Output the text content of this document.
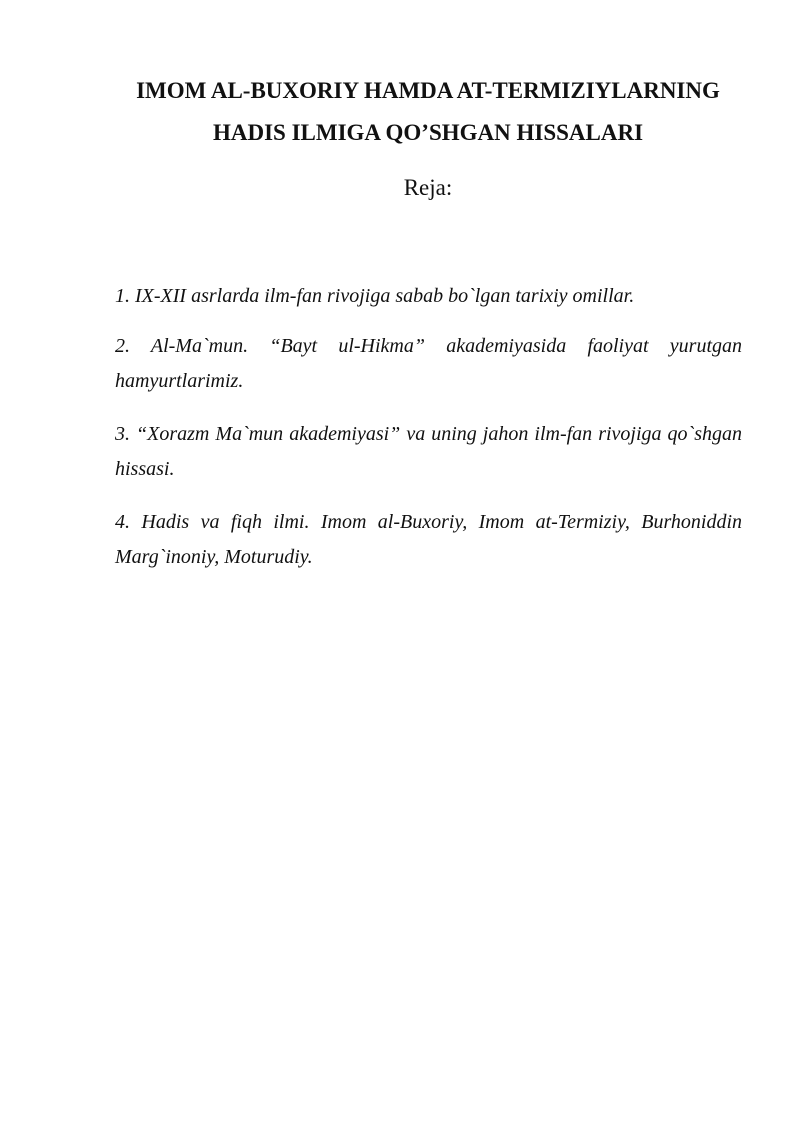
IMOM AL-BUXORIY HAMDA AT-TERMIZIYLARNING
HADIS ILMIGA QO’SHGAN HISSALARI

Reja:

1. IX-XII asrlarda ilm-fan rivojiga sabab bo`lgan tarixiy omillar.

2. Al-Ma`mun. “Bayt ul-Hikma” akademiyasida faoliyat yurutgan hamyurtlarimiz.

3. “Xorazm Ma`mun akademiyasi” va uning jahon ilm-fan rivojiga qo`shgan hissasi.

4. Hadis va fiqh ilmi. Imom al-Buxoriy, Imom at-Termiziy, Burhoniddin Marg`inoniy, Moturudiy.
